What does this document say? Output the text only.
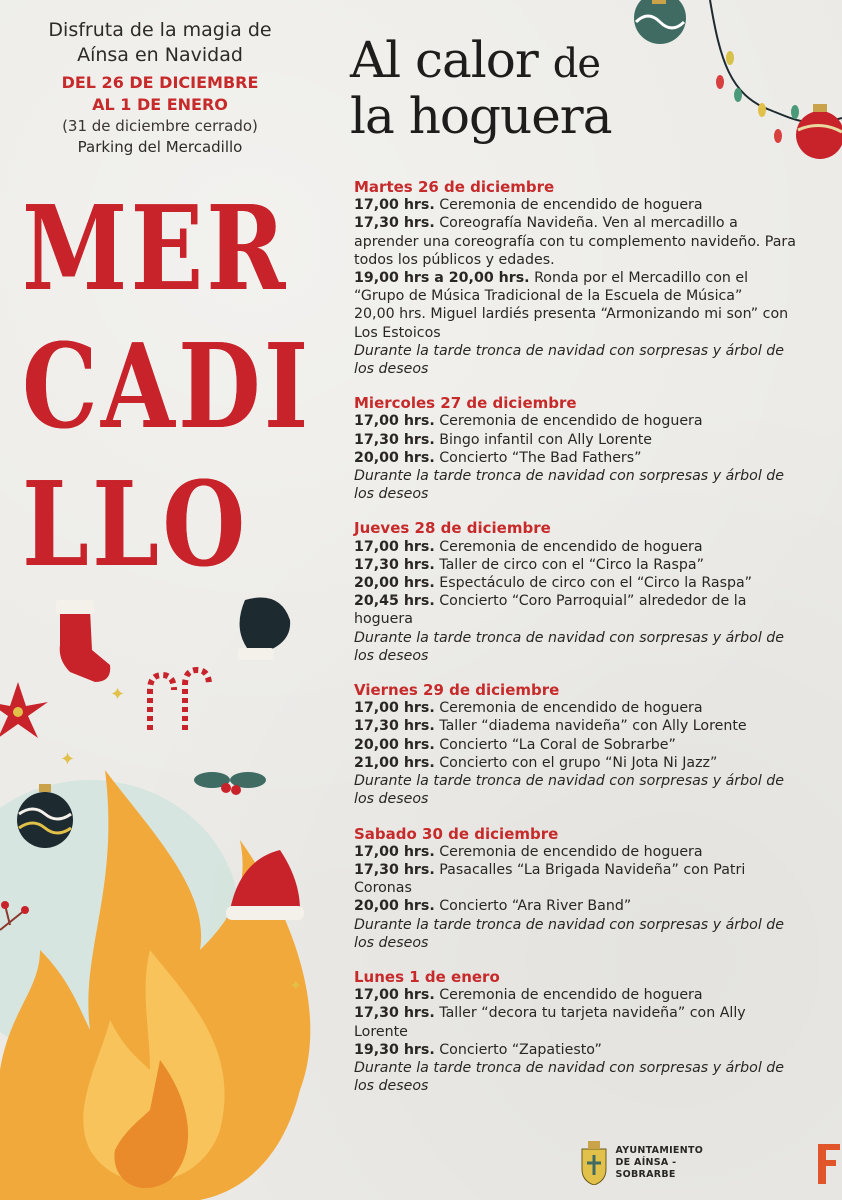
Disfruta de la magia de
Aínsa en Navidad
DEL 26 DE DICIEMBRE
AL 1 DE ENERO
(31 de diciembre cerrado)
Parking del Mercadillo
Al calor de
la hoguera
MER
CADI
LLO
✦
✦
✦
Martes 26 de diciembre
17,00 hrs. Ceremonia de encendido de hoguera
17,30 hrs. Coreografía Navideña. Ven al mercadillo a aprender una coreografía con tu complemento navideño. Para todos los públicos y edades.
19,00 hrs a 20,00 hrs. Ronda por el Mercadillo con el “Grupo de Música Tradicional de la Escuela de Música”
20,00 hrs. Miguel lardiés presenta “Armonizando mi son” con Los Estoicos
Durante la tarde tronca de navidad con sorpresas y árbol de los deseos
Miercoles 27 de diciembre
17,00 hrs. Ceremonia de encendido de hoguera
17,30 hrs. Bingo infantil con Ally Lorente
20,00 hrs. Concierto “The Bad Fathers”
Durante la tarde tronca de navidad con sorpresas y árbol de los deseos
Jueves 28 de diciembre
17,00 hrs. Ceremonia de encendido de hoguera
17,30 hrs. Taller de circo con el “Circo la Raspa”
20,00 hrs. Espectáculo de circo con el “Circo la Raspa”
20,45 hrs. Concierto “Coro Parroquial” alrededor de la hoguera
Durante la tarde tronca de navidad con sorpresas y árbol de los deseos
Viernes 29 de diciembre
17,00 hrs. Ceremonia de encendido de hoguera
17,30 hrs. Taller “diadema navideña” con Ally Lorente
20,00 hrs. Concierto “La Coral de Sobrarbe”
21,00 hrs. Concierto con el grupo “Ni Jota Ni Jazz”
Durante la tarde tronca de navidad con sorpresas y árbol de los deseos
Sabado 30 de diciembre
17,00 hrs. Ceremonia de encendido de hoguera
17,30 hrs. Pasacalles “La Brigada Navideña” con Patri Coronas
20,00 hrs. Concierto “Ara River Band”
Durante la tarde tronca de navidad con sorpresas y árbol de los deseos
Lunes 1 de enero
17,00 hrs. Ceremonia de encendido de hoguera
17,30 hrs. Taller “decora tu tarjeta navideña” con Ally Lorente
19,30 hrs. Concierto “Zapatiesto”
Durante la tarde tronca de navidad con sorpresas y árbol de los deseos
AYUNTAMIENTO
DE AÍNSA - SOBRARBE
